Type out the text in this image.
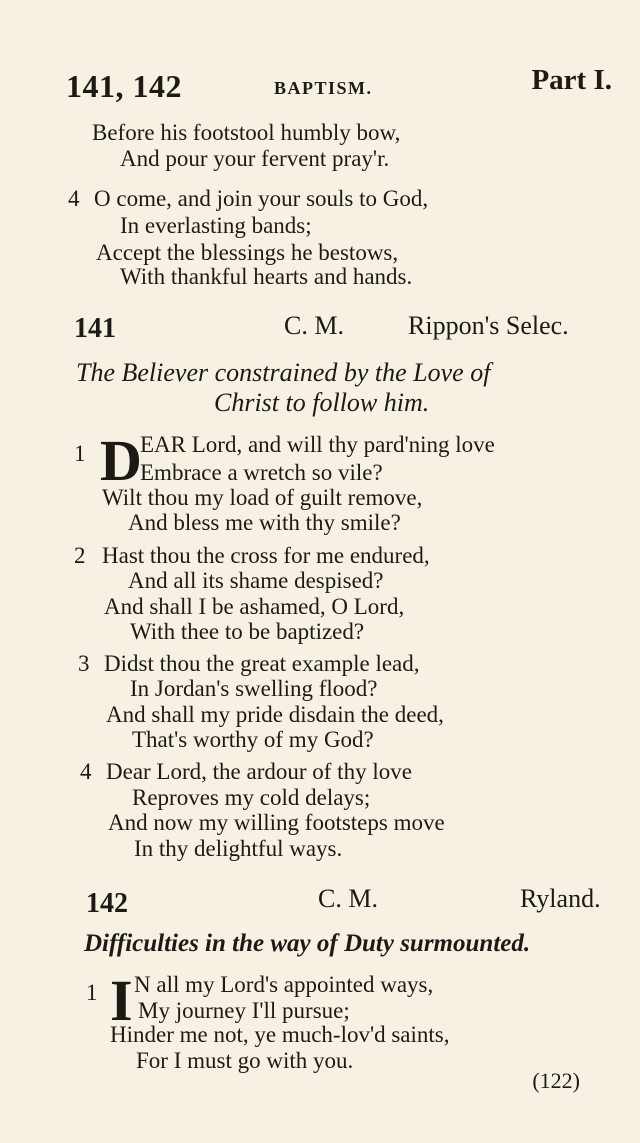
141, 142	BAPTISM.	Part I.
Before his footstool humbly bow,
And pour your fervent pray'r.
4 O come, and join your souls to God,
In everlasting bands;
Accept the blessings he bestows,
With thankful hearts and hands.
141	C. M. Rippon's Selec.
The Believer constrained by the Love of
Christ to follow him.
1 D
EAR Lord, and will thy pard'ning love
Embrace a wretch so vile?
Wilt thou my load of guilt remove,
And bless me with thy smile?
2 Hast thou the cross for me endured,
And all its shame despised?
And shall I be ashamed, O Lord,
With thee to be baptized?
3 Didst thou the great example lead,
In Jordan's swelling flood?
And shall my pride disdain the deed,
That's worthy of my God?
4 Dear Lord, the ardour of thy love
Reproves my cold delays;
And now my willing footsteps move
In thy delightful ways.
142	C. M.	Ryland.
Difficulties in the way of Duty surmounted.
1 I N all my Lord's appointed ways,
My journey I'll pursue;
Hinder me not, ye much-lov'd saints,
For I must go with you.
(122)
